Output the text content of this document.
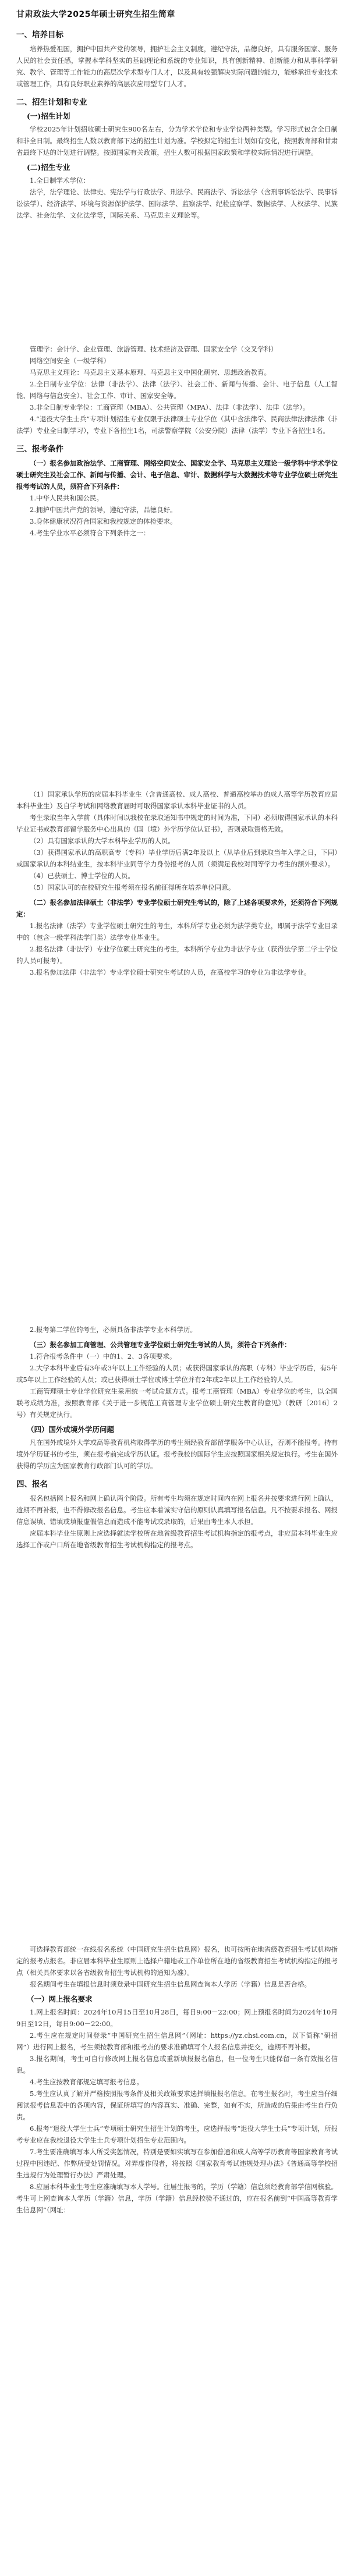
甘肃政法大学2025年硕士研究生招生简章
一、培养目标

培养热爱祖国，拥护中国共产党的领导，拥护社会主义制度，遵纪守法，品德良好，具有服务国家、服务人民的社会责任感，掌握本学科坚实的基础理论和系统的专业知识，具有创新精神、创新能力和从事科学研究、教学、管理等工作能力的高层次学术型专门人才，以及具有较强解决实际问题的能力，能够承担专业技术或管理工作，具有良好职业素养的高层次应用型专门人才。

二、招生计划和专业
(一)招生计划

学校2025年计划招收硕士研究生900名左右，分为学术学位和专业学位两种类型。学习形式包含全日制和非全日制。最终招生人数以教育部下达的招生计划为准。学校拟定的招生计划如有变化，按照教育部和甘肃省最终下达的计划进行调整。按照国家有关政策，招生人数可根据国家政策和学校实际情况进行调整。

(二)招生专业

1.全日制学术学位：

法学，法学理论、法律史、宪法学与行政法学、刑法学、民商法学、诉讼法学（含刑事诉讼法学、民事诉讼法学）、经济法学、环境与资源保护法学、国际法学、监察法学、纪检监察学、数据法学、人权法学、民族法学、社会法学、文化法学等，国际关系、马克思主义理论等。

管理学：会计学、企业管理、旅游管理、技术经济及管理、国家安全学（交叉学科）

网络空间安全（一级学科）

马克思主义理论：马克思主义基本原理、马克思主义中国化研究、思想政治教育。

2.全日制专业学位：法律（非法学）、法律（法学）、社会工作、新闻与传播、会计、电子信息（人工智能、网络与信息安全）、社会工作、审计、国家安全等。

3.非全日制专业学位：工商管理（MBA）、公共管理（MPA）、法律（非法学）、法律（法学）。

4.“退役大学生士兵”专项计划招生专业仅限于法律硕士专业学位（其中含法律学、民商法律法律法律（非法学）专业全日制学习），专业下各招生1名，司法警察学院（公安分院）法律（法学）专业下各招生1名。

三、报考条件

（一）报名参加政治法学、工商管理、网络空间安全、国家安全学、马克思主义理论一级学科中学术学位硕士研究生及社会工作、新闻与传播、会计、电子信息、审计、数据科学与大数据技术等专业学位硕士研究生报考考试的人员，须符合下列条件：

1.中华人民共和国公民。

2.拥护中国共产党的领导，遵纪守法，品德良好。

3.身体健康状况符合国家和我校规定的体检要求。

4.考生学业水平必须符合下列条件之一：

（1）国家承认学历的应届本科毕业生（含普通高校、成人高校、普通高校举办的成人高等学历教育应届本科毕业生）及自学考试和网络教育届时可取得国家承认本科毕业证书的人员。

考生录取当年入学前（具体时间以我校在录取通知书中规定的时间为准，下同）必须取得国家承认的本科毕业证书或教育部留学服务中心出具的《国（境）外学历学位认证书》，否则录取资格无效。

（2）具有国家承认的大学本科毕业学历的人员。

（3）获得国家承认的高职高专（专科）毕业学历后满2年及以上（从毕业后到录取当年入学之日，下同）或国家承认的本科结业生，按本科毕业同等学力身份报考的人员（须满足我校对同等学力考生的额外要求）。

（4）已获硕士、博士学位的人员。

（5）国家认可的在校研究生报考须在报名前征得所在培养单位同意。

（二）报名参加法律硕士（非法学）专业学位硕士研究生考试的，除了上述各项要求外，还须符合下列规定：

1.报名法律（法学）专业学位硕士研究生的考生，本科所学专业必须为法学类专业，即属于法学专业目录中的（包含一级学科法学门类）法学专业毕业生。

2.报名法律（非法学）专业学位硕士研究生的考生，本科所学专业为非法学专业（获得法学第二学士学位的人员可报考）。

3.报名参加法律（非法学）专业学位硕士研究生考试的人员，在高校学习的专业为非法学专业。

2.报考第二学位的考生，必须具备非法学专业本科学历。

（三）报名参加工商管理、公共管理专业学位硕士研究生考试的人员，须符合下列条件：

1.符合报考条件中（一）中的1、2、3各项要求。

2.大学本科毕业后有3年或3年以上工作经验的人员；或获得国家承认的高职（专科）毕业学历后，有5年或5年以上工作经验的人员；或已获得硕士学位或博士学位并有2年或2年以上工作经验的人员。

工商管理硕士专业学位研究生采用统一考试命题方式。报考工商管理（MBA）专业学位的考生，以全国联考成绩为准，按照教育部《关于进一步规范工商管理专业学位硕士研究生教育的意见》（教研〔2016〕2号）有关规定执行。

（四）国外或境外学历问题

凡在国外或境外大学或高等教育机构取得学历的考生须经教育部留学服务中心认证，否则不能报考。持有境外学历证书的考生，须在报考前完成学历认证。报考我校的国际学生应按照国家相关规定执行。考生在国外获得的学历应为国家教育行政部门认可的学历。

四、报名

报名包括网上报名和网上确认两个阶段。所有考生均须在规定时间内在网上报名并按要求进行网上确认，逾期不再补报，也不得修改报名信息。考生应本着诚实守信的原则认真填写报名信息。凡不按要求报名、网报信息误填、错填或填报虚假信息而造成不能考试或录取的，后果由考生本人承担。

应届本科毕业生原则上应选择就读学校所在地省级教育招生考试机构指定的报考点，非应届本科毕业生应选择工作或户口所在地省级教育招生考试机构指定的报考点。

可选择教育部统一在线报名系统（中国研究生招生信息网）报名，也可按所在地省级教育招生考试机构指定的报考点报名。非应届本科毕业生原则上选择户籍地或工作单位所在地的省级教育招生考试机构指定的报考点（相关具体要求以各省级教育招生考试机构的通知为准）。

报名期间考生在填报信息时须登录中国研究生招生信息网查询本人学历（学籍）信息是否合格。

（一）网上报名要求

1.网上报名时间：2024年10月15日至10月28日，每日9:00－22:00；网上预报名时间为2024年10月9日至12日，每日9:00－22:00。

2.考生应在规定时间登录“中国研究生招生信息网”（网址：https://yz.chsi.com.cn，以下简称“研招网”）进行网上报名，考生须按教育部和报考点的要求准确填写个人报名信息并提交，逾期不再补报。

3.报名期间，考生可自行修改网上报名信息或重新填报报名信息，但一位考生只能保留一条有效报名信息。

4.考生应按教育部规定填写报考信息。

5.考生应认真了解并严格按照报考条件及相关政策要求选择填报报名信息。在考生报名时，考生应当仔细阅读报考信息表中的各项内容，保证所填写的内容真实、准确、完整，如有不实，所造成的后果由考生自行负责。

6.报考“退役大学生士兵”专项硕士研究生招生计划的考生，应选择报考“退役大学生士兵”专项计划，所报考专业应在我校退役大学生士兵专项计划招生专业范围内。

7.考生要准确填写本人所受奖惩情况，特别是要如实填写在参加普通和成人高等学历教育等国家教育考试过程中因违纪、作弊所受处罚情况。对弄虚作假者，将按照《国家教育考试违规处理办法》《普通高等学校招生违规行为处理暂行办法》严肃处理。

8.应届本科毕业生考生应准确填写本人学号。往届生报考的，学历（学籍）信息须经教育部学信网核验。考生可上网查询本人学历（学籍）信息，学历（学籍）信息经校验不通过的，应在报名前到“中国高等教育学生信息网”（网址：
